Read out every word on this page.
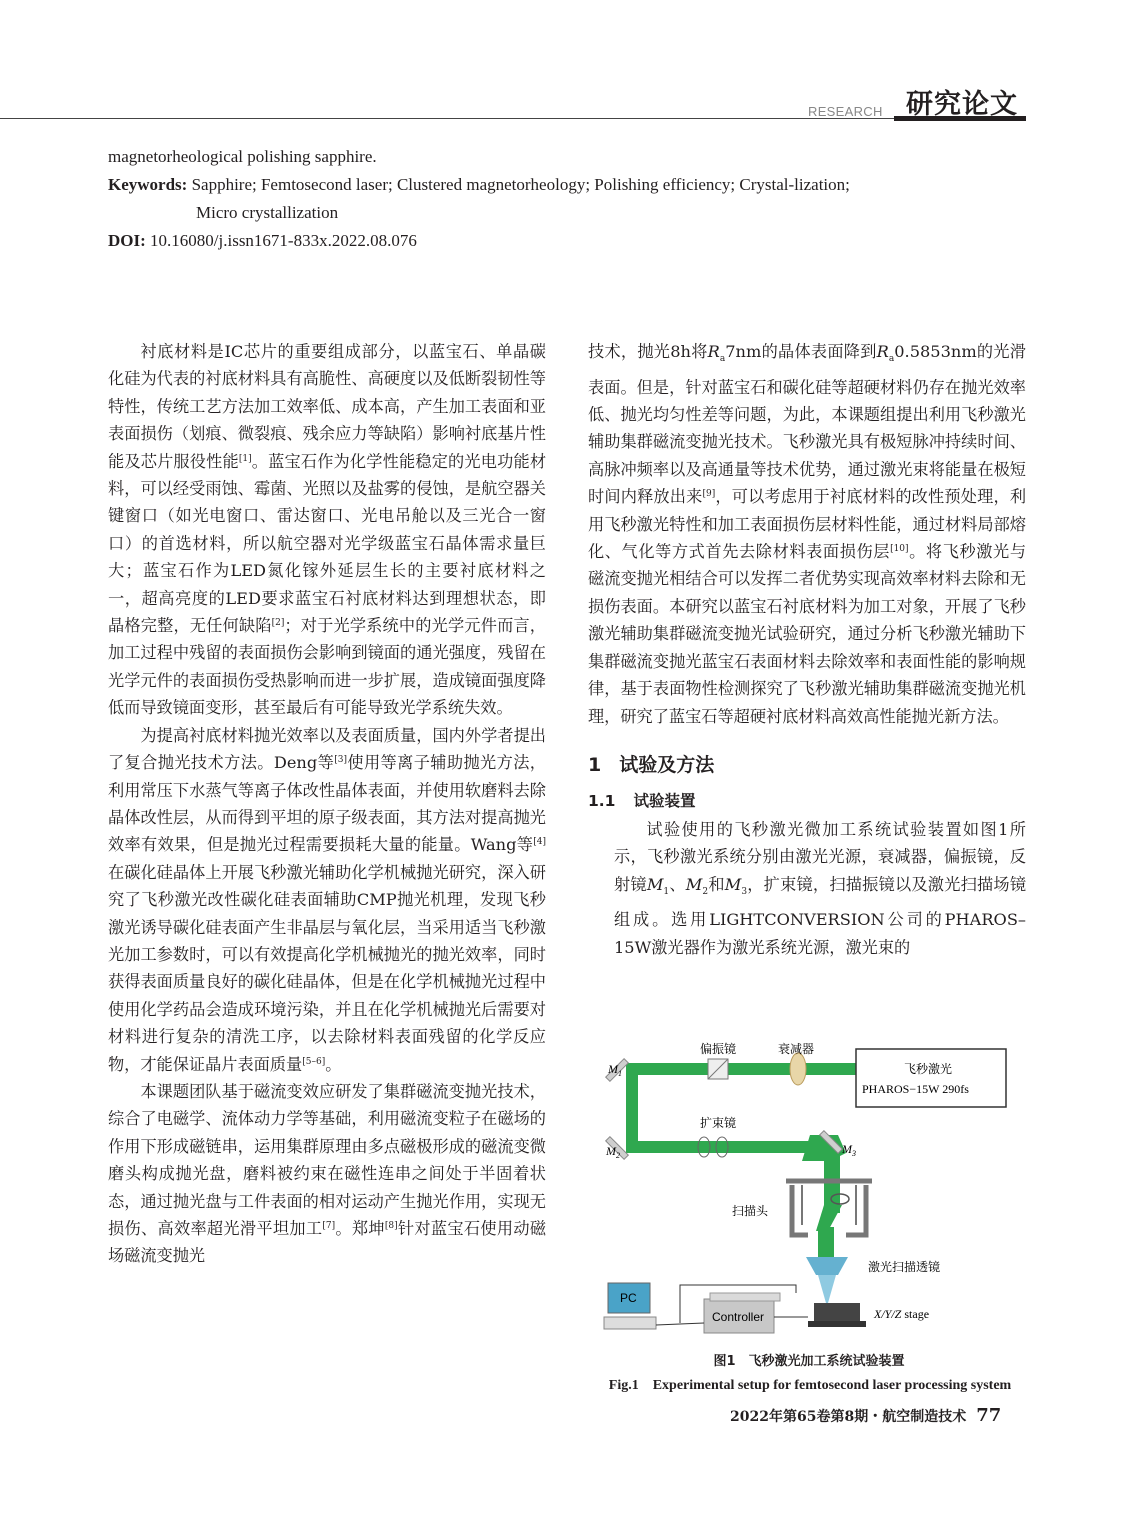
RESEARCH 研究论文
magnetorheological polishing sapphire.
Keywords: Sapphire; Femtosecond laser; Clustered magnetorheology; Polishing efficiency; Crystal-lization;
Micro crystallization
DOI: 10.16080/j.issn1671-833x.2022.08.076

衬底材料是IC芯片的重要组成部分，以蓝宝石、单晶碳化硅为代表的衬底材料具有高脆性、高硬度以及低断裂韧性等特性，传统工艺方法加工效率低、成本高，产生加工表面和亚表面损伤（划痕、微裂痕、残余应力等缺陷）影响衬底基片性能及芯片服役性能[1]。蓝宝石作为化学性能稳定的光电功能材料，可以经受雨蚀、霉菌、光照以及盐雾的侵蚀，是航空器关键窗口（如光电窗口、雷达窗口、光电吊舱以及三光合一窗口）的首选材料，所以航空器对光学级蓝宝石晶体需求量巨大；蓝宝石作为LED氮化镓外延层生长的主要衬底材料之一，超高亮度的LED要求蓝宝石衬底材料达到理想状态，即晶格完整，无任何缺陷[2]；对于光学系统中的光学元件而言，加工过程中残留的表面损伤会影响到镜面的通光强度，残留在光学元件的表面损伤受热影响而进一步扩展，造成镜面强度降低而导致镜面变形，甚至最后有可能导致光学系统失效。

为提高衬底材料抛光效率以及表面质量，国内外学者提出了复合抛光技术方法。Deng等[3]使用等离子辅助抛光方法，利用常压下水蒸气等离子体改性晶体表面，并使用软磨料去除晶体改性层，从而得到平坦的原子级表面，其方法对提高抛光效率有效果，但是抛光过程需要损耗大量的能量。Wang等[4]在碳化硅晶体上开展飞秒激光辅助化学机械抛光研究，深入研究了飞秒激光改性碳化硅表面辅助CMP抛光机理，发现飞秒激光诱导碳化硅表面产生非晶层与氧化层，当采用适当飞秒激光加工参数时，可以有效提高化学机械抛光的抛光效率，同时获得表面质量良好的碳化硅晶体，但是在化学机械抛光过程中使用化学药品会造成环境污染，并且在化学机械抛光后需要对材料进行复杂的清洗工序，以去除材料表面残留的化学反应物，才能保证晶片表面质量[5–6]。

本课题团队基于磁流变效应研发了集群磁流变抛光技术，综合了电磁学、流体动力学等基础，利用磁流变粒子在磁场的作用下形成磁链串，运用集群原理由多点磁极形成的磁流变微磨头构成抛光盘，磨料被约束在磁性连串之间处于半固着状态，通过抛光盘与工件表面的相对运动产生抛光作用，实现无损伤、高效率超光滑平坦加工[7]。郑坤[8]针对蓝宝石使用动磁场磁流变抛光

技术，抛光8h将$R_a7nm$的晶体表面降到$R_a0.5853nm$的光滑表面。但是，针对蓝宝石和碳化硅等超硬材料仍存在抛光效率低、抛光均匀性差等问题，为此，本课题组提出利用飞秒激光辅助集群磁流变抛光技术。飞秒激光具有极短脉冲持续时间、高脉冲频率以及高通量等技术优势，通过激光束将能量在极短时间内释放出来[9]，可以考虑用于衬底材料的改性预处理，利用飞秒激光特性和加工表面损伤层材料性能，通过材料局部熔化、气化等方式首先去除材料表面损伤层[10]。将飞秒激光与磁流变抛光相结合可以发挥二者优势实现高效率材料去除和无损伤表面。本研究以蓝宝石衬底材料为加工对象，开展了飞秒激光辅助集群磁流变抛光试验研究，通过分析飞秒激光辅助下集群磁流变抛光蓝宝石表面材料去除效率和表面性能的影响规律，基于表面物性检测探究了飞秒激光辅助集群磁流变抛光机理，研究了蓝宝石等超硬衬底材料高效高性能抛光新方法。

1 试验及方法
1.1 试验装置

试验使用的飞秒激光微加工系统试验装置如图1所示，飞秒激光系统分别由激光光源，衰减器，偏振镜，反射镜$M_1$、$M_2$和$M_3$，扩束镜，扫描振镜以及激光扫描场镜组成。选用LIGHTCONVERSION公司的PHAROS–15W激光器作为激光系统光源，激光束的

偏振镜	衰减器
飞秒激光
PHAROS−15W 290fs
扩束镜
$M_1$
$M_2$	$M_3$
扫描头
激光扫描透镜
PC
Controller	X/Y/Z stage
图1　飞秒激光加工系统试验装置
Fig.1　Experimental setup for femtosecond laser processing system
2022年第65卷第8期・航空制造技术 77
